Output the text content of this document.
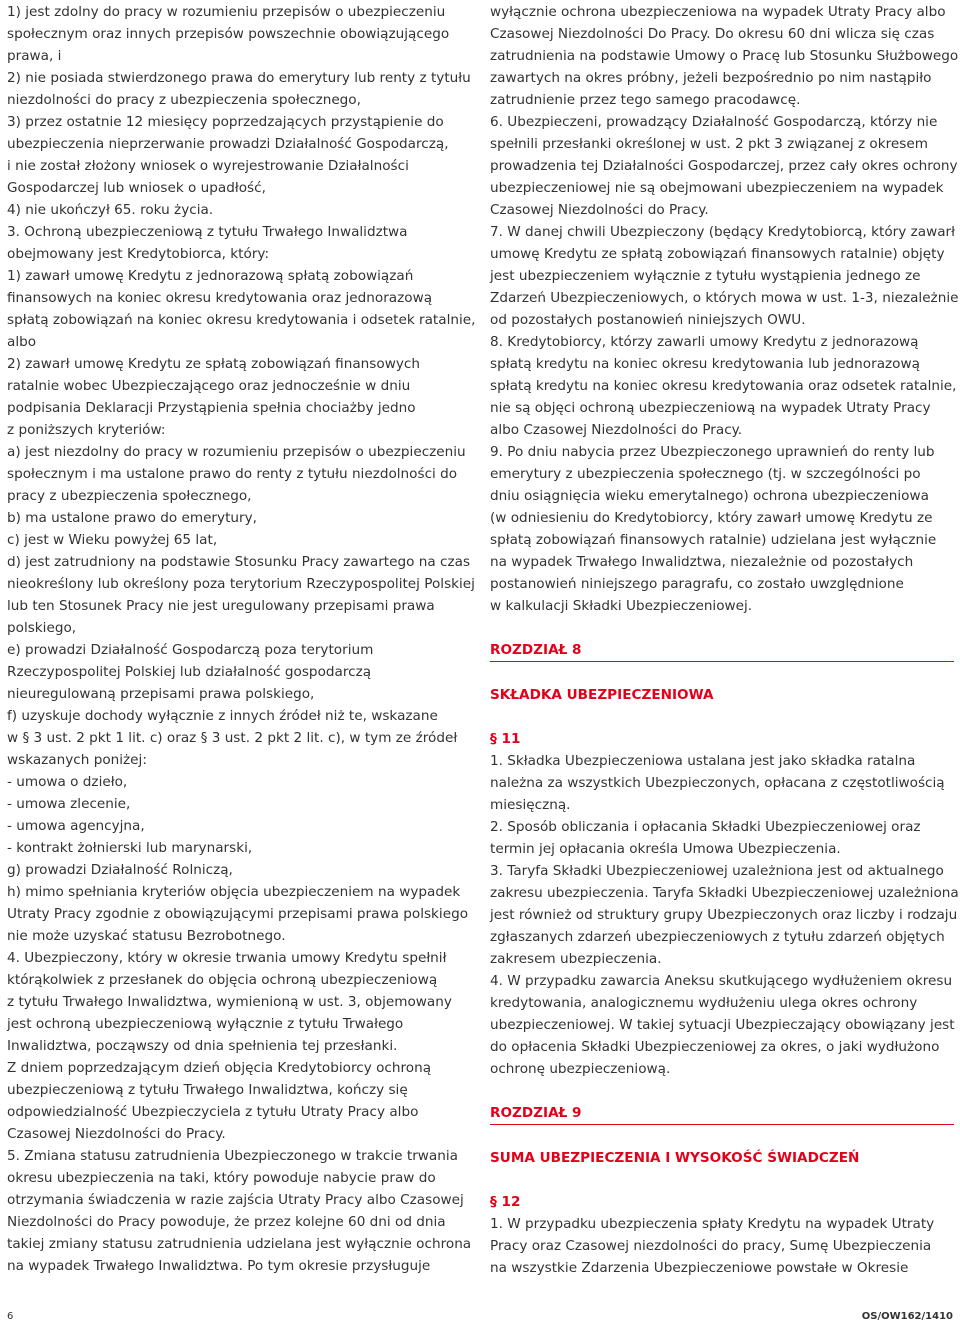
1) jest zdolny do pracy w rozumieniu przepisów o ubezpieczeniu
społecznym oraz innych przepisów powszechnie obowiązującego
prawa, i
2) nie posiada stwierdzonego prawa do emerytury lub renty z tytułu
niezdolności do pracy z ubezpieczenia społecznego,
3) przez ostatnie 12 miesięcy poprzedzających przystąpienie do
ubezpieczenia nieprzerwanie prowadzi Działalność Gospodarczą,
i nie został złożony wniosek o wyrejestrowanie Działalności
Gospodarczej lub wniosek o upadłość,
4) nie ukończył 65. roku życia.
3. Ochroną ubezpieczeniową z tytułu Trwałego Inwalidztwa
obejmowany jest Kredytobiorca, który:
1) zawarł umowę Kredytu z jednorazową spłatą zobowiązań
finansowych na koniec okresu kredytowania oraz jednorazową
spłatą zobowiązań na koniec okresu kredytowania i odsetek ratalnie,
albo
2) zawarł umowę Kredytu ze spłatą zobowiązań finansowych
ratalnie wobec Ubezpieczającego oraz jednocześnie w dniu
podpisania Deklaracji Przystąpienia spełnia chociażby jedno
z poniższych kryteriów:
a) jest niezdolny do pracy w rozumieniu przepisów o ubezpieczeniu
społecznym i ma ustalone prawo do renty z tytułu niezdolności do
pracy z ubezpieczenia społecznego,
b) ma ustalone prawo do emerytury,
c) jest w Wieku powyżej 65 lat,
d) jest zatrudniony na podstawie Stosunku Pracy zawartego na czas
nieokreślony lub określony poza terytorium Rzeczypospolitej Polskiej
lub ten Stosunek Pracy nie jest uregulowany przepisami prawa
polskiego,
e) prowadzi Działalność Gospodarczą poza terytorium
Rzeczypospolitej Polskiej lub działalność gospodarczą
nieuregulowaną przepisami prawa polskiego,
f) uzyskuje dochody wyłącznie z innych źródeł niż te, wskazane
w § 3 ust. 2 pkt 1 lit. c) oraz § 3 ust. 2 pkt 2 lit. c), w tym ze źródeł
wskazanych poniżej:
- umowa o dzieło,
- umowa zlecenie,
- umowa agencyjna,
- kontrakt żołnierski lub marynarski,
g) prowadzi Działalność Rolniczą,
h) mimo spełniania kryteriów objęcia ubezpieczeniem na wypadek
Utraty Pracy zgodnie z obowiązującymi przepisami prawa polskiego
nie może uzyskać statusu Bezrobotnego.
4. Ubezpieczony, który w okresie trwania umowy Kredytu spełnił
którąkolwiek z przesłanek do objęcia ochroną ubezpieczeniową
z tytułu Trwałego Inwalidztwa, wymienioną w ust. 3, objemowany
jest ochroną ubezpieczeniową wyłącznie z tytułu Trwałego
Inwalidztwa, począwszy od dnia spełnienia tej przesłanki.
Z dniem poprzedzającym dzień objęcia Kredytobiorcy ochroną
ubezpieczeniową z tytułu Trwałego Inwalidztwa, kończy się
odpowiedzialność Ubezpieczyciela z tytułu Utraty Pracy albo
Czasowej Niezdolności do Pracy.
5. Zmiana statusu zatrudnienia Ubezpieczonego w trakcie trwania
okresu ubezpieczenia na taki, który powoduje nabycie praw do
otrzymania świadczenia w razie zajścia Utraty Pracy albo Czasowej
Niezdolności do Pracy powoduje, że przez kolejne 60 dni od dnia
takiej zmiany statusu zatrudnienia udzielana jest wyłącznie ochrona
na wypadek Trwałego Inwalidztwa. Po tym okresie przysługuje
wyłącznie ochrona ubezpieczeniowa na wypadek Utraty Pracy albo
Czasowej Niezdolności Do Pracy. Do okresu 60 dni wlicza się czas
zatrudnienia na podstawie Umowy o Pracę lub Stosunku Służbowego
zawartych na okres próbny, jeżeli bezpośrednio po nim nastąpiło
zatrudnienie przez tego samego pracodawcę.
6. Ubezpieczeni, prowadzący Działalność Gospodarczą, którzy nie
spełnili przesłanki określonej w ust. 2 pkt 3 związanej z okresem
prowadzenia tej Działalności Gospodarczej, przez cały okres ochrony
ubezpieczeniowej nie są obejmowani ubezpieczeniem na wypadek
Czasowej Niezdolności do Pracy.
7. W danej chwili Ubezpieczony (będący Kredytobiorcą, który zawarł
umowę Kredytu ze spłatą zobowiązań finansowych ratalnie) objęty
jest ubezpieczeniem wyłącznie z tytułu wystąpienia jednego ze
Zdarzeń Ubezpieczeniowych, o których mowa w ust. 1-3, niezależnie
od pozostałych postanowień niniejszych OWU.
8. Kredytobiorcy, którzy zawarli umowy Kredytu z jednorazową
spłatą kredytu na koniec okresu kredytowania lub jednorazową
spłatą kredytu na koniec okresu kredytowania oraz odsetek ratalnie,
nie są objęci ochroną ubezpieczeniową na wypadek Utraty Pracy
albo Czasowej Niezdolności do Pracy.
9. Po dniu nabycia przez Ubezpieczonego uprawnień do renty lub
emerytury z ubezpieczenia społecznego (tj. w szczególności po
dniu osiągnięcia wieku emerytalnego) ochrona ubezpieczeniowa
(w odniesieniu do Kredytobiorcy, który zawarł umowę Kredytu ze
spłatą zobowiązań finansowych ratalnie) udzielana jest wyłącznie
na wypadek Trwałego Inwalidztwa, niezależnie od pozostałych
postanowień niniejszego paragrafu, co zostało uwzględnione
w kalkulacji Składki Ubezpieczeniowej.
ROZDZIAŁ 8
SKŁADKA UBEZPIECZENIOWA
§ 11
1. Składka Ubezpieczeniowa ustalana jest jako składka ratalna
należna za wszystkich Ubezpieczonych, opłacana z częstotliwością
miesięczną.
2. Sposób obliczania i opłacania Składki Ubezpieczeniowej oraz
termin jej opłacania określa Umowa Ubezpieczenia.
3. Taryfa Składki Ubezpieczeniowej uzależniona jest od aktualnego
zakresu ubezpieczenia. Taryfa Składki Ubezpieczeniowej uzależniona
jest również od struktury grupy Ubezpieczonych oraz liczby i rodzaju
zgłaszanych zdarzeń ubezpieczeniowych z tytułu zdarzeń objętych
zakresem ubezpieczenia.
4. W przypadku zawarcia Aneksu skutkującego wydłużeniem okresu
kredytowania, analogicznemu wydłużeniu ulega okres ochrony
ubezpieczeniowej. W takiej sytuacji Ubezpieczający obowiązany jest
do opłacenia Składki Ubezpieczeniowej za okres, o jaki wydłużono
ochronę ubezpieczeniową.
ROZDZIAŁ 9
SUMA UBEZPIECZENIA I WYSOKOŚĆ ŚWIADCZEŃ
§ 12
1. W przypadku ubezpieczenia spłaty Kredytu na wypadek Utraty
Pracy oraz Czasowej niezdolności do pracy, Sumę Ubezpieczenia
na wszystkie Zdarzenia Ubezpieczeniowe powstałe w Okresie
6	OS/OW162/1410
